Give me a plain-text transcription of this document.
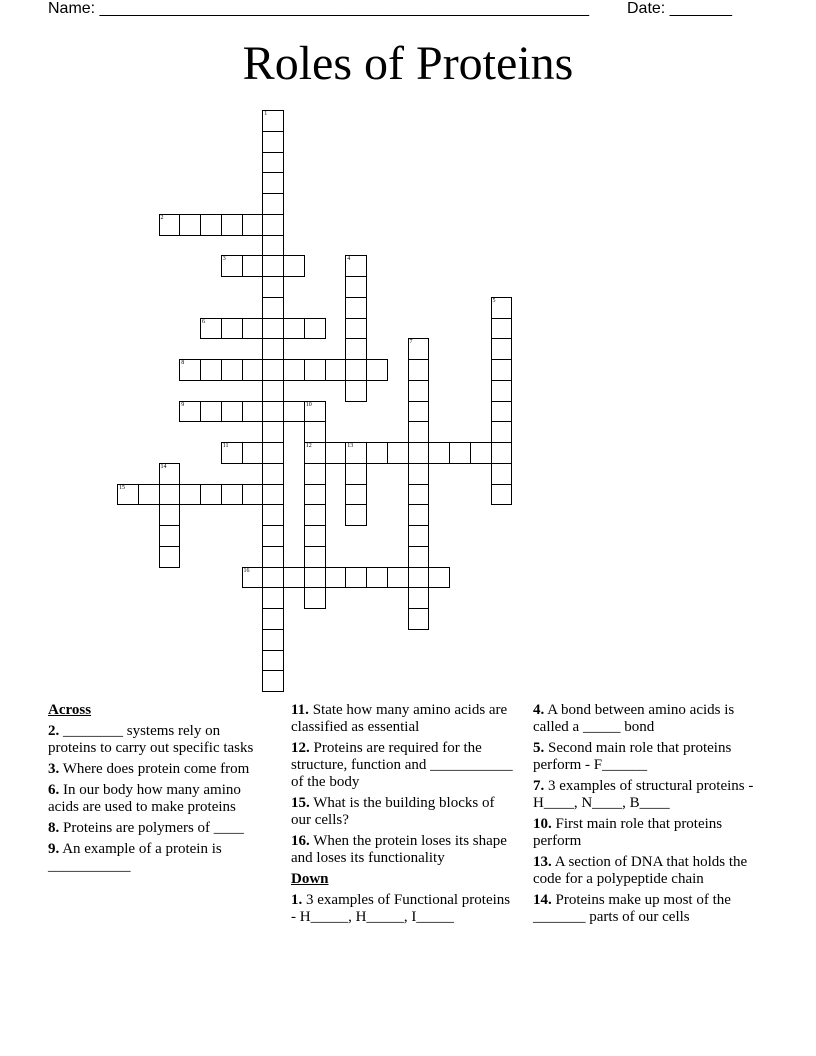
Name: _______________________________________________________ Date: _______
Roles of Proteins
1
2
3	4
5
6
7
8
9	10
12
11	13
14
15
16
Across
2. ________ systems rely on proteins to carry out specific tasks
3. Where does protein come from
6. In our body how many amino acids are used to make proteins
8. Proteins are polymers of ____
9. An example of a protein is ___________
11. State how many amino acids are classified as essential
12. Proteins are required for the structure, function and ___________ of the body
15. What is the building blocks of our cells?
16. When the protein loses its shape and loses its functionality
Down
1. 3 examples of Functional proteins - H_____, H_____, I_____
4. A bond between amino acids is called a _____ bond
5. Second main role that proteins perform - F______
7. 3 examples of structural proteins - H____, N____, B____
10. First main role that proteins perform
13. A section of DNA that holds the code for a polypeptide chain
14. Proteins make up most of the _______ parts of our cells
